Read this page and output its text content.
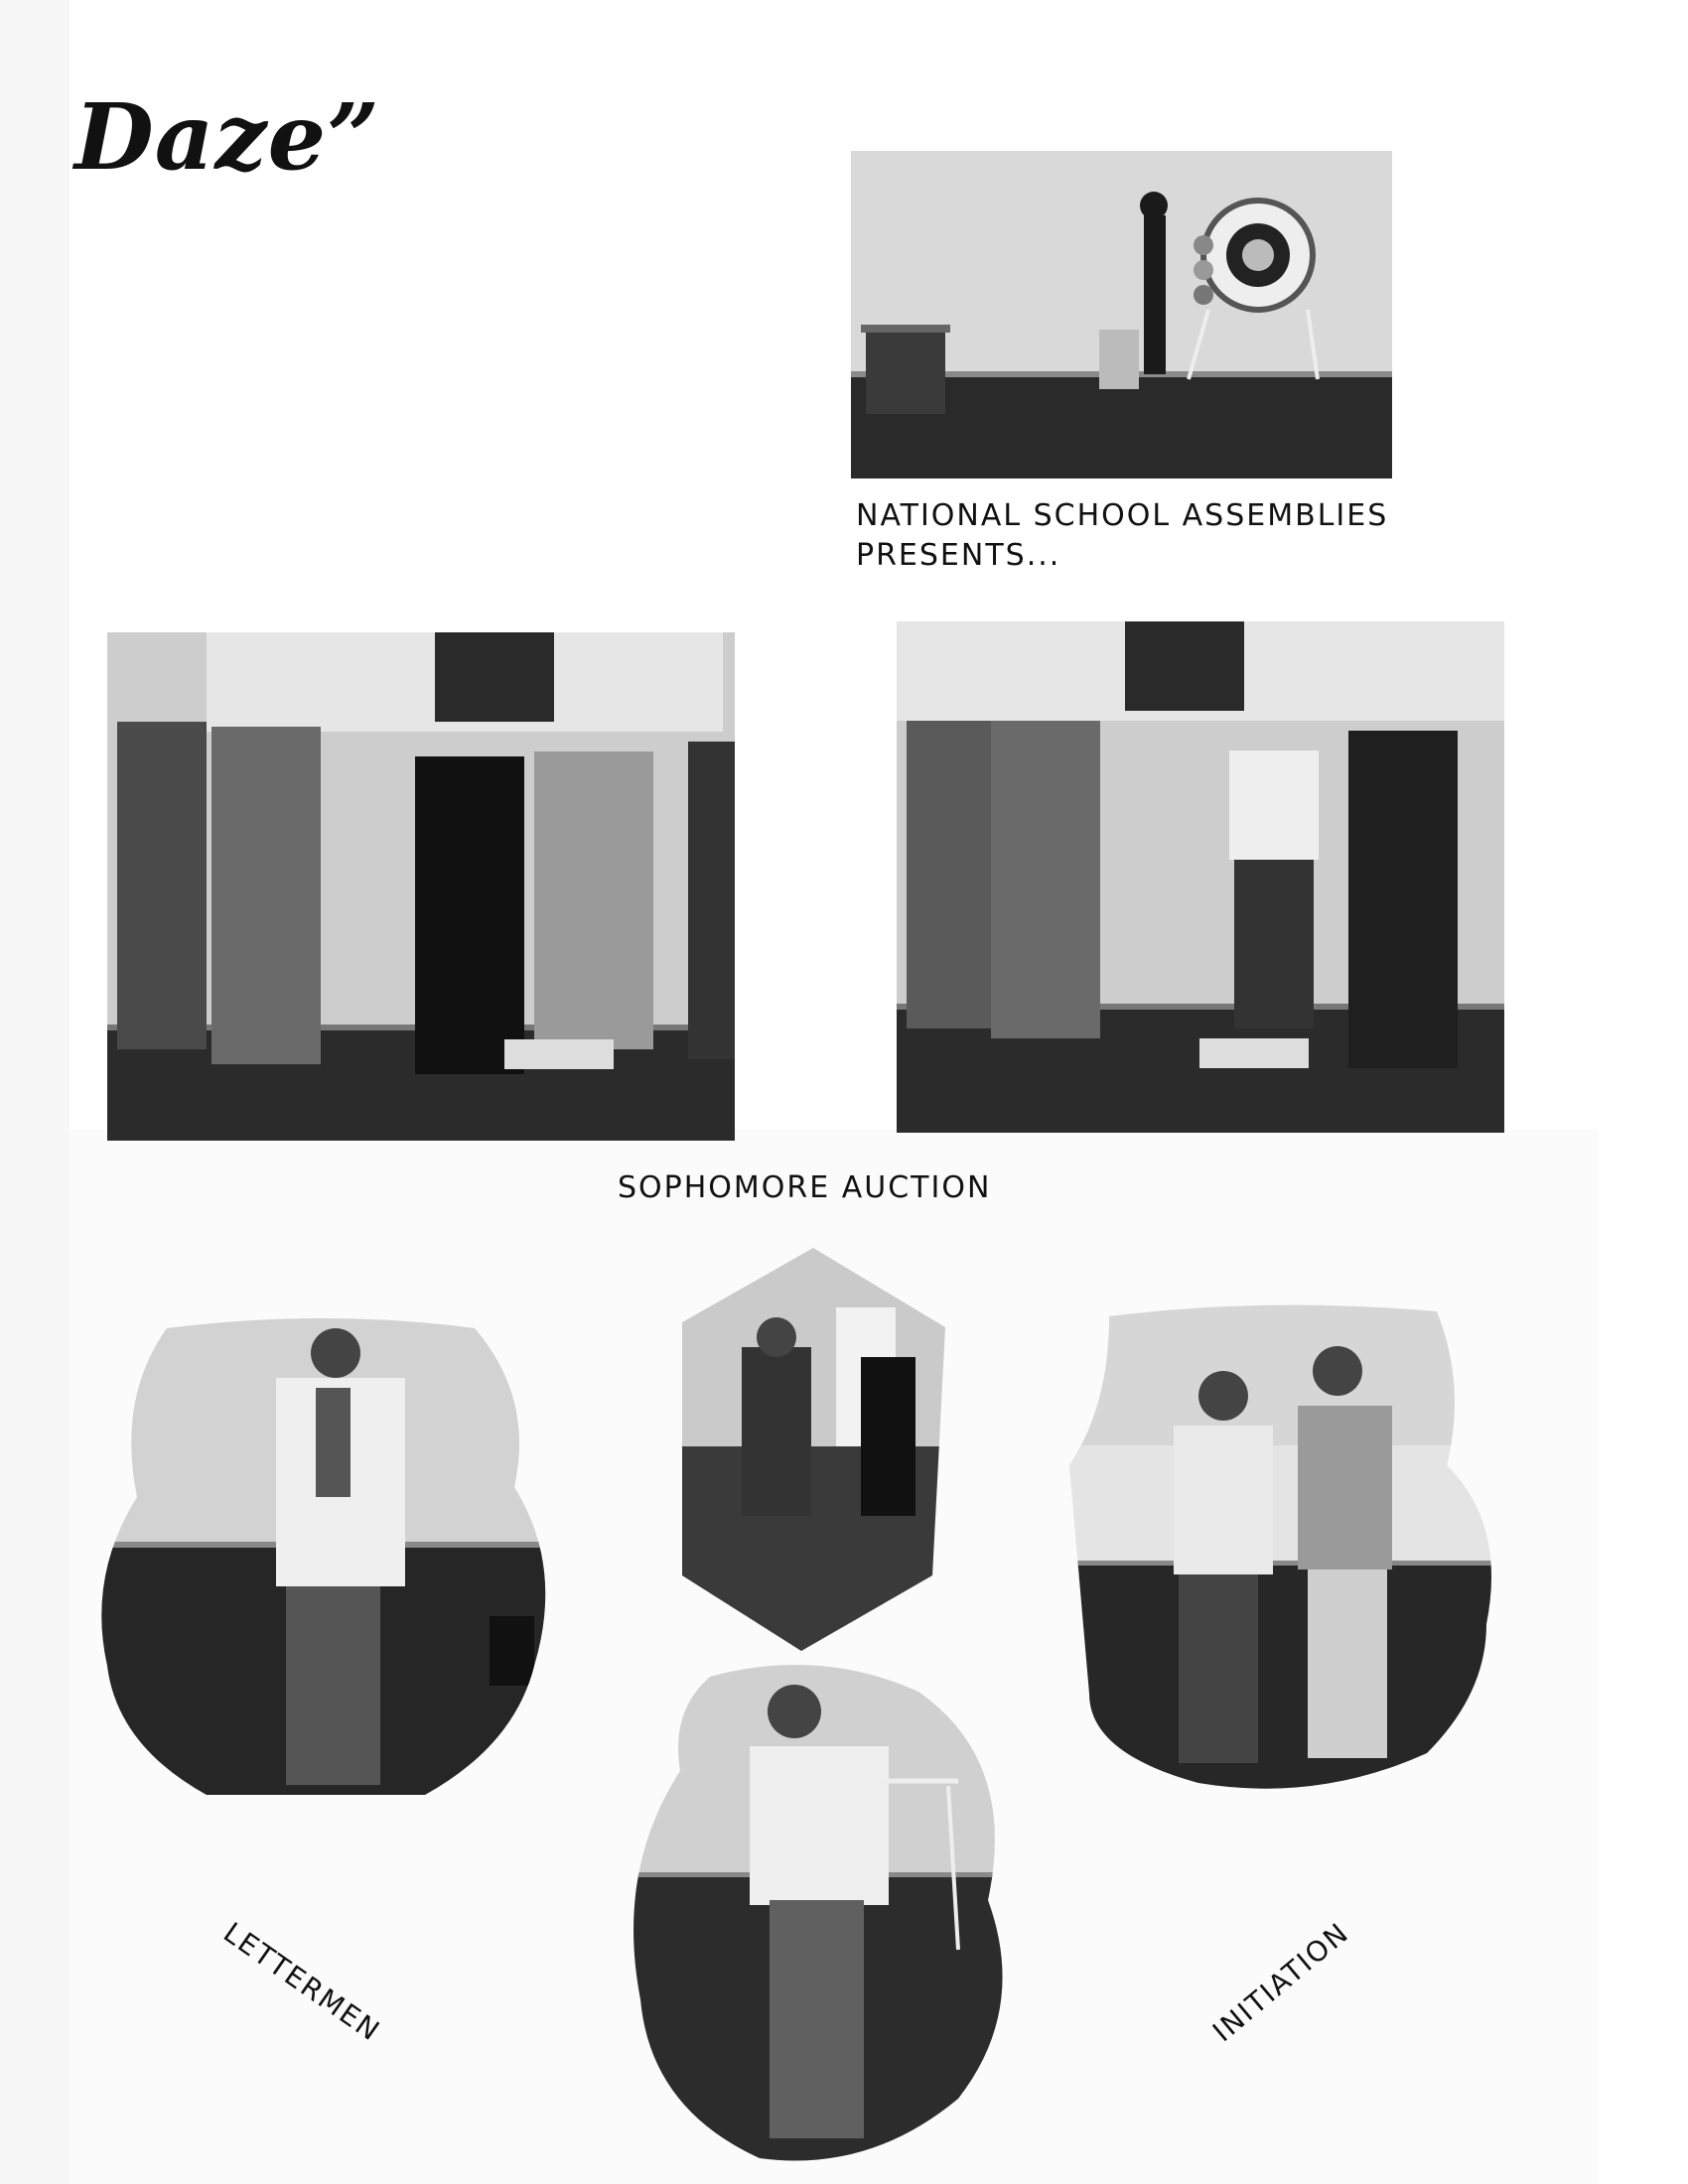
Daze”

NATIONAL SCHOOL ASSEMBLIES PRESENTS...

SOPHOMORE AUCTION

LETTERMEN	INITIATION
